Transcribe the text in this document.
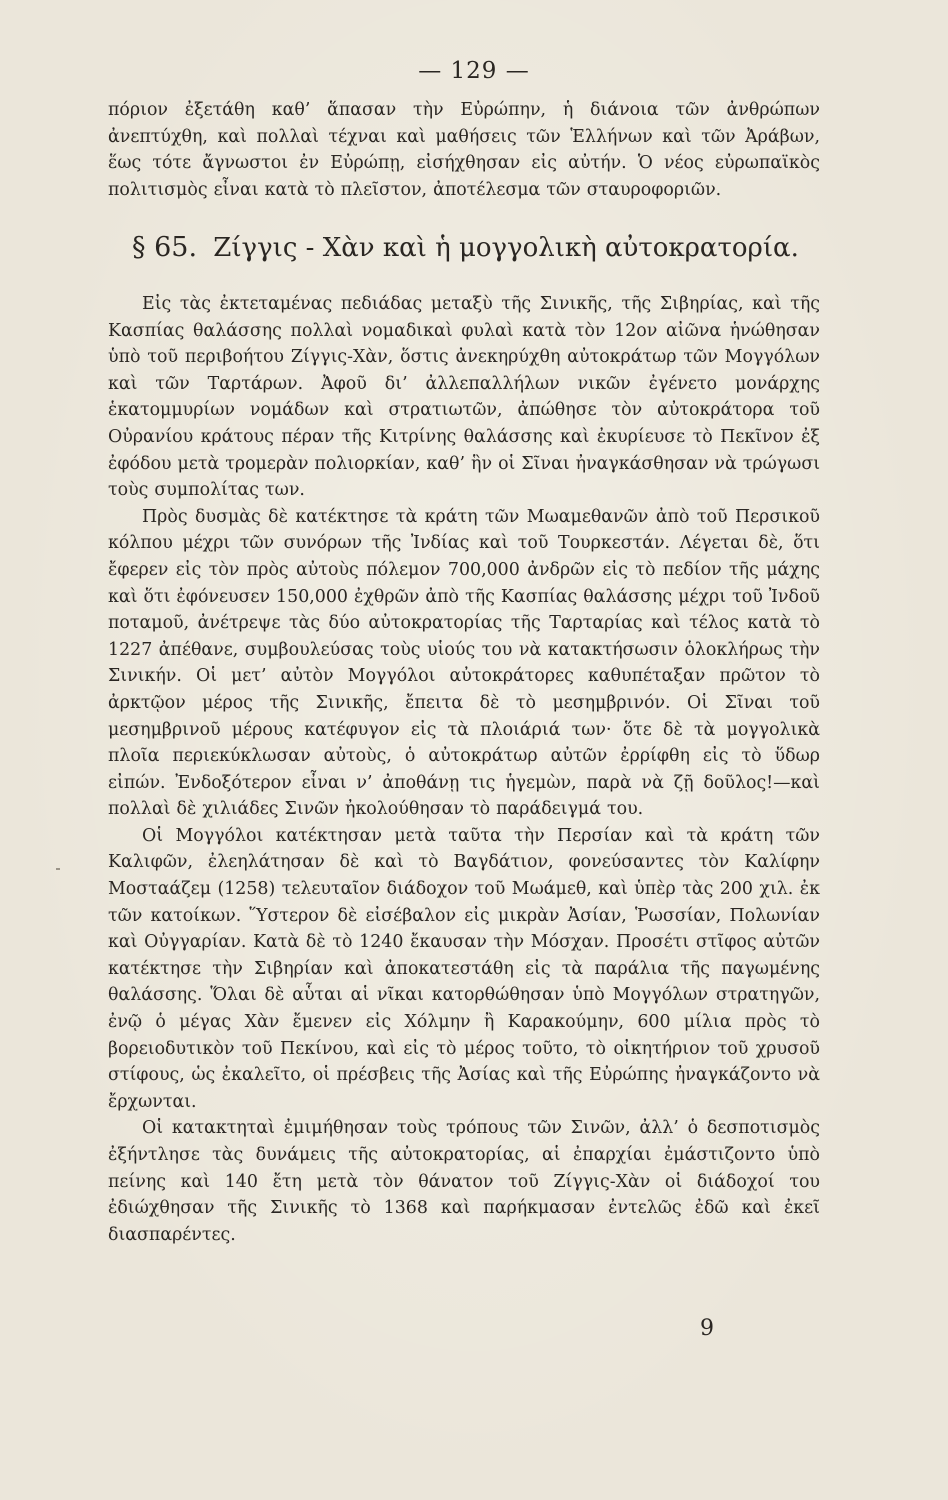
— 129 —

πόριον ἐξετάθη καθ’ ἅπασαν τὴν Εὐρώπην, ἡ διάνοια τῶν ἀνθρώπων ἀνεπτύχθη, καὶ πολλαὶ τέχναι καὶ μαθήσεις τῶν Ἑλλήνων καὶ τῶν Ἀράβων, ἕως τότε ἄγνωστοι ἐν Εὐρώπῃ, εἰσήχθησαν εἰς αὐτήν. Ὁ νέος εὐρωπαϊκὸς πολιτισμὸς εἶναι κατὰ τὸ πλεῖστον, ἀποτέλεσμα τῶν σταυροφοριῶν.

§ 65. Ζίγγις - Χὰν καὶ ἡ μογγολικὴ αὐτοκρατορία.

Εἰς τὰς ἐκτεταμένας πεδιάδας μεταξὺ τῆς Σινικῆς, τῆς Σιβηρίας, καὶ τῆς Κασπίας θαλάσσης πολλαὶ νομαδικαὶ φυλαὶ κατὰ τὸν 12ον αἰῶνα ἡνώθησαν ὑπὸ τοῦ περιβοήτου Ζίγγις-Χὰν, ὅστις ἀνεκηρύχθη αὐτοκράτωρ τῶν Μογγόλων καὶ τῶν Ταρτάρων. Ἀφοῦ δι’ ἀλλεπαλλήλων νικῶν ἐγένετο μονάρχης ἑκατομμυρίων νομάδων καὶ στρατιωτῶν, ἀπώθησε τὸν αὐτοκράτορα τοῦ Οὐρανίου κράτους πέραν τῆς Κιτρίνης θαλάσσης καὶ ἐκυρίευσε τὸ Πεκῖνον ἐξ ἐφόδου μετὰ τρομερὰν πολιορκίαν, καθ’ ἣν οἱ Σῖναι ἠναγκάσθησαν νὰ τρώγωσι τοὺς συμπολίτας των.

Πρὸς δυσμὰς δὲ κατέκτησε τὰ κράτη τῶν Μωαμεθανῶν ἀπὸ τοῦ Περσικοῦ κόλπου μέχρι τῶν συνόρων τῆς Ἰνδίας καὶ τοῦ Τουρκεστάν. Λέγεται δὲ, ὅτι ἔφερεν εἰς τὸν πρὸς αὐτοὺς πόλεμον 700,000 ἀνδρῶν εἰς τὸ πεδίον τῆς μάχης καὶ ὅτι ἐφόνευσεν 150,000 ἐχθρῶν ἀπὸ τῆς Κασπίας θαλάσσης μέχρι τοῦ Ἰνδοῦ ποταμοῦ, ἀνέτρεψε τὰς δύο αὐτοκρατορίας τῆς Ταρταρίας καὶ τέλος κατὰ τὸ 1227 ἀπέθανε, συμβουλεύσας τοὺς υἱούς του νὰ κατακτήσωσιν ὁλοκλήρως τὴν Σινικήν. Οἱ μετ’ αὐτὸν Μογγόλοι αὐτοκράτορες καθυπέταξαν πρῶτον τὸ ἀρκτῷον μέρος τῆς Σινικῆς, ἔπειτα δὲ τὸ μεσημβρινόν. Οἱ Σῖναι τοῦ μεσημβρινοῦ μέρους κατέφυγον εἰς τὰ πλοιάριά των· ὅτε δὲ τὰ μογγολικὰ πλοῖα περιεκύκλωσαν αὐτοὺς, ὁ αὐτοκράτωρ αὐτῶν ἐρρίφθη εἰς τὸ ὕδωρ εἰπών. Ἐνδοξότερον εἶναι ν’ ἀποθάνῃ τις ἡγεμὼν, παρὰ νὰ ζῇ δοῦλος!—καὶ πολλαὶ δὲ χιλιάδες Σινῶν ἠκολούθησαν τὸ παράδειγμά του.

Οἱ Μογγόλοι κατέκτησαν μετὰ ταῦτα τὴν Περσίαν καὶ τὰ κράτη τῶν Καλιφῶν, ἐλεηλάτησαν δὲ καὶ τὸ Βαγδάτιον, φονεύσαντες τὸν Καλίφην Μοσταάζεμ (1258) τελευταῖον διάδοχον τοῦ Μωάμεθ, καὶ ὑπὲρ τὰς 200 χιλ. ἐκ τῶν κατοίκων. Ὕστερον δὲ εἰσέβαλον εἰς μικρὰν Ἀσίαν, Ῥωσσίαν, Πολωνίαν καὶ Οὐγγαρίαν. Κατὰ δὲ τὸ 1240 ἔκαυσαν τὴν Μόσχαν. Προσέτι στῖφος αὐτῶν κατέκτησε τὴν Σιβηρίαν καὶ ἀποκατεστάθη εἰς τὰ παράλια τῆς παγωμένης θαλάσσης. Ὅλαι δὲ αὗται αἱ νῖκαι κατορθώθησαν ὑπὸ Μογγόλων στρατηγῶν, ἐνῷ ὁ μέγας Χὰν ἔμενεν εἰς Χόλμην ἢ Καρακούμην, 600 μίλια πρὸς τὸ βορειοδυτικὸν τοῦ Πεκίνου, καὶ εἰς τὸ μέρος τοῦτο, τὸ οἰκητήριον τοῦ χρυσοῦ στίφους, ὡς ἐκαλεῖτο, οἱ πρέσβεις τῆς Ἀσίας καὶ τῆς Εὐρώπης ἠναγκάζοντο νὰ ἔρχωνται.

Οἱ κατακτηταὶ ἐμιμήθησαν τοὺς τρόπους τῶν Σινῶν, ἀλλ’ ὁ δεσποτισμὸς ἐξήντλησε τὰς δυνάμεις τῆς αὐτοκρατορίας, αἱ ἐπαρχίαι ἐμάστιζοντο ὑπὸ πείνης καὶ 140 ἔτη μετὰ τὸν θάνατον τοῦ Ζίγγις-Χὰν οἱ διάδοχοί του ἐδιώχθησαν τῆς Σινικῆς τὸ 1368 καὶ παρήκμασαν ἐντελῶς ἐδῶ καὶ ἐκεῖ διασπαρέντες.

9
